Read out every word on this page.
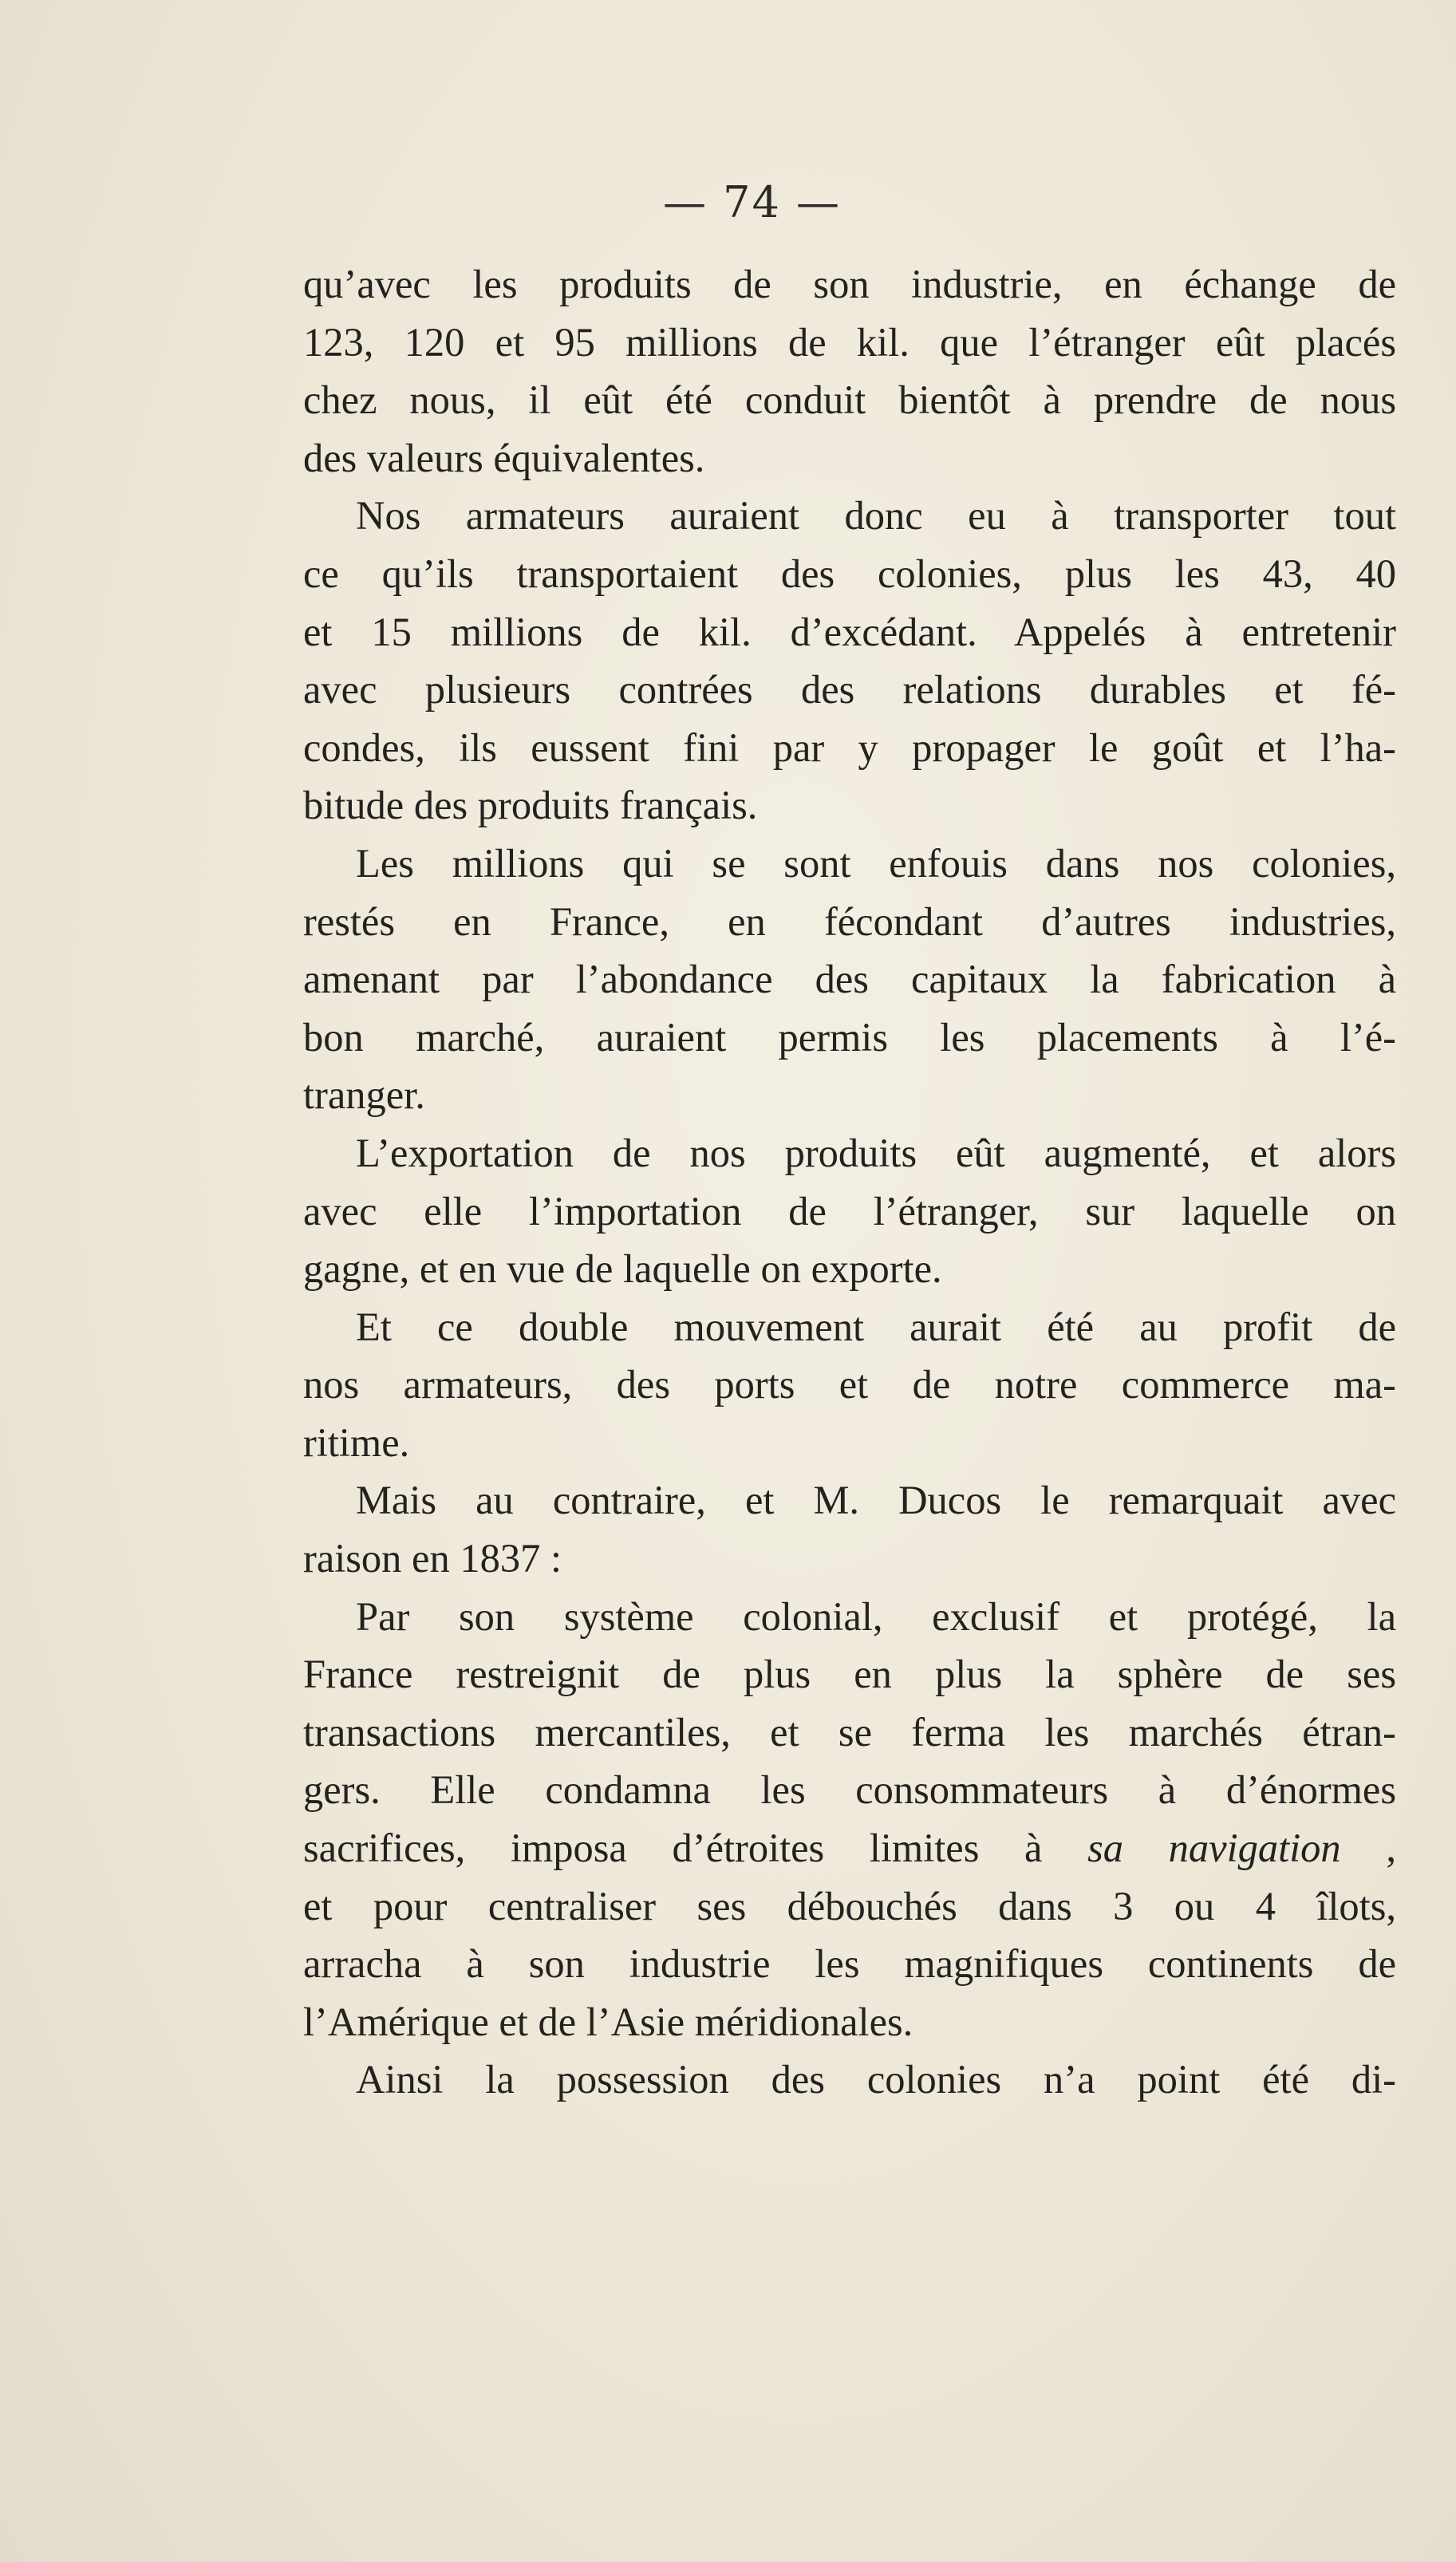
— 74 —

qu’avec les produits de son industrie, en échange de

123, 120 et 95 millions de kil. que l’étranger eût placés

chez nous, il eût été conduit bientôt à prendre de nous

des valeurs équivalentes.

Nos armateurs auraient donc eu à transporter tout

ce qu’ils transportaient des colonies, plus les 43, 40

et 15 millions de kil. d’excédant. Appelés à entretenir

avec plusieurs contrées des relations durables et fé-

condes, ils eussent fini par y propager le goût et l’ha-

bitude des produits français.

Les millions qui se sont enfouis dans nos colonies,

restés en France, en fécondant d’autres industries,

amenant par l’abondance des capitaux la fabrication à

bon marché, auraient permis les placements à l’é-

tranger.

L’exportation de nos produits eût augmenté, et alors

avec elle l’importation de l’étranger, sur laquelle on

gagne, et en vue de laquelle on exporte.

Et ce double mouvement aurait été au profit de

nos armateurs, des ports et de notre commerce ma-

ritime.

Mais au contraire, et M. Ducos le remarquait avec

raison en 1837 :

Par son système colonial, exclusif et protégé, la

France restreignit de plus en plus la sphère de ses

transactions mercantiles, et se ferma les marchés étran-

gers. Elle condamna les consommateurs à d’énormes

sacrifices, imposa d’étroites limites à sa navigation ,

et pour centraliser ses débouchés dans 3 ou 4 îlots,

arracha à son industrie les magnifiques continents de

l’Amérique et de l’Asie méridionales.

Ainsi la possession des colonies n’a point été di-
